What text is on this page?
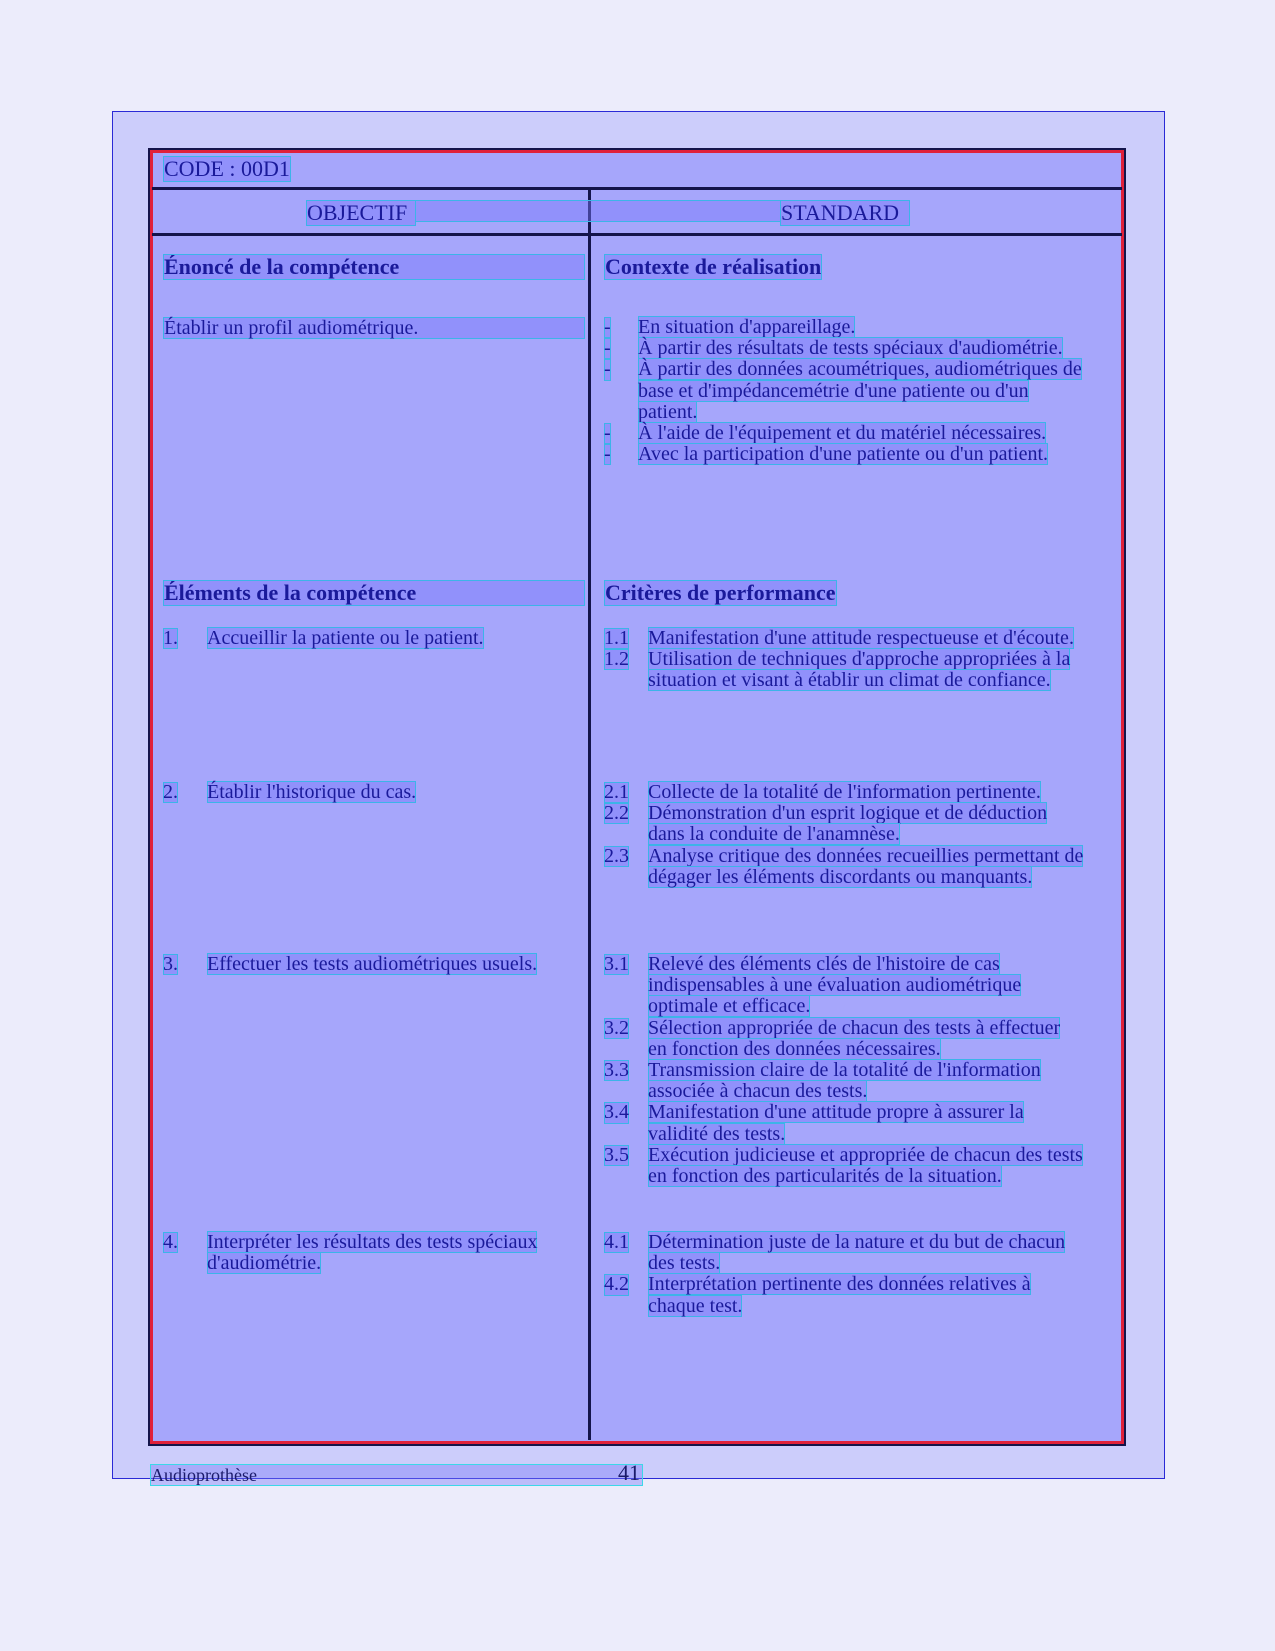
CODE : 00D1
OBJECTIF	STANDARD
Énoncé de la compétence	Contexte de réalisation
Établir un profil audiométrique.	- En situation d'appareillage.
- À partir des résultats de tests spéciaux d'audiométrie.
- À partir des données acoumétriques, audiométriques de base et d'impédancemétrie d'une patiente ou d'un patient.
- À l'aide de l'équipement et du matériel nécessaires.
- Avec la participation d'une patiente ou d'un patient.
Éléments de la compétence	Critères de performance
1.	Accueillir la patiente ou le patient.	1.1 Manifestation d'une attitude respectueuse et d'écoute.
1.2 Utilisation de techniques d'approche appropriées à la situation et visant à établir un climat de confiance.
2.	Établir l'historique du cas.	2.1 Collecte de la totalité de l'information pertinente.
2.2 Démonstration d'un esprit logique et de déduction dans la conduite de l'anamnèse.
2.3 Analyse critique des données recueillies permettant de dégager les éléments discordants ou manquants.
3.	Effectuer les tests audiométriques usuels.	3.1 Relevé des éléments clés de l'histoire de cas indispensables à une évaluation audiométrique optimale et efficace.
3.2 Sélection appropriée de chacun des tests à effectuer en fonction des données nécessaires.
3.3 Transmission claire de la totalité de l'information associée à chacun des tests.
3.4 Manifestation d'une attitude propre à assurer la validité des tests.
3.5 Exécution judicieuse et appropriée de chacun des tests en fonction des particularités de la situation.
4.	Interpréter les résultats des tests spéciaux d'audiométrie.
4.1 Détermination juste de la nature et du but de chacun des tests.
4.2 Interprétation pertinente des données relatives à chaque test.
Audioprothèse	41
